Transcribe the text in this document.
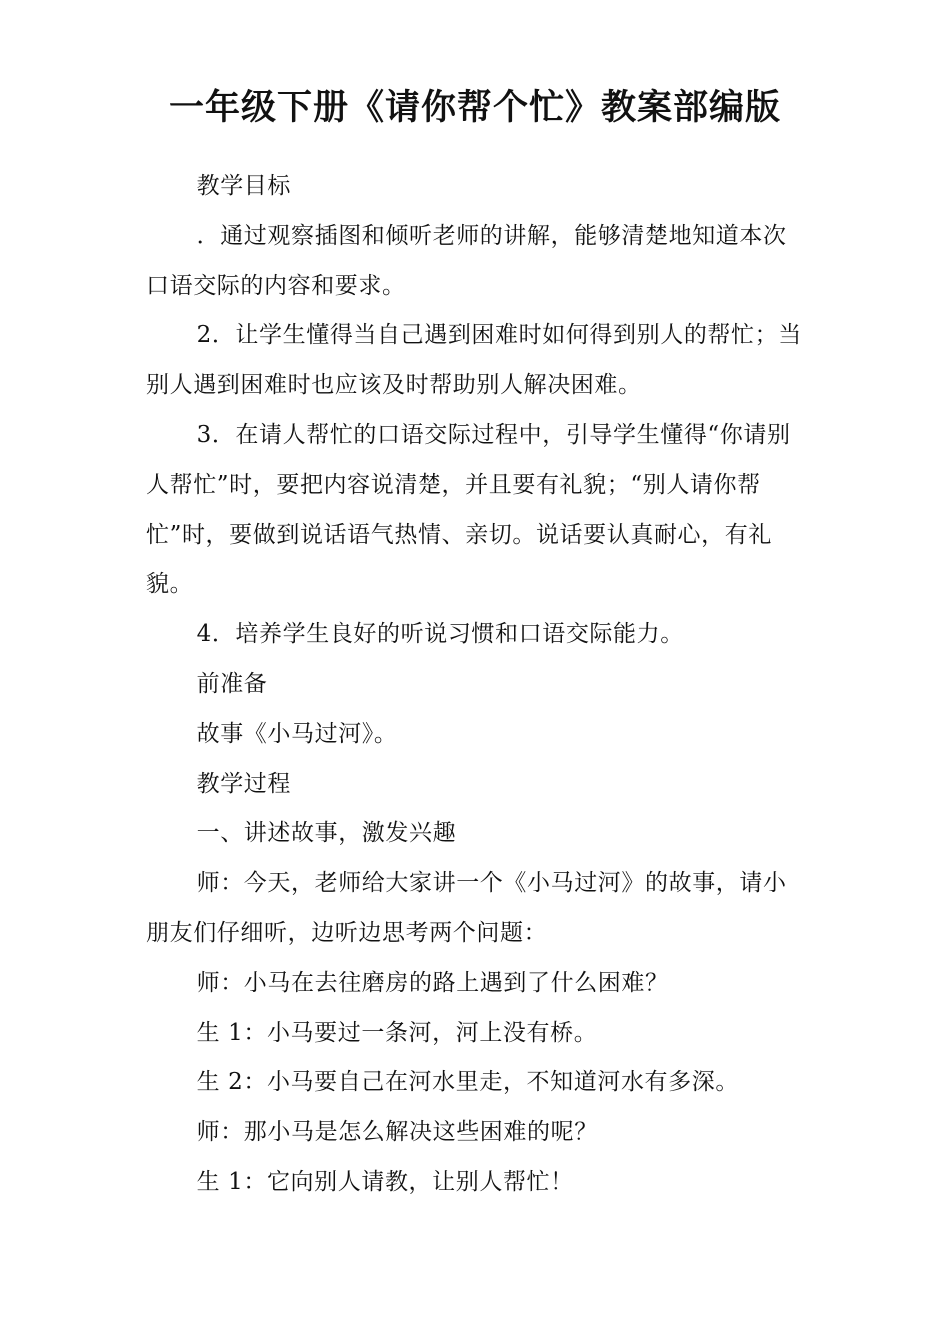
一年级下册《请你帮个忙》教案部编版

教学目标

．通过观察插图和倾听老师的讲解，能够清楚地知道本次口语交际的内容和要求。

2．让学生懂得当自己遇到困难时如何得到别人的帮忙；当别人遇到困难时也应该及时帮助别人解决困难。

3．在请人帮忙的口语交际过程中，引导学生懂得“你请别人帮忙”时，要把内容说清楚，并且要有礼貌；“别人请你帮忙”时，要做到说话语气热情、亲切。说话要认真耐心，有礼貌。

4．培养学生良好的听说习惯和口语交际能力。

前准备

故事《小马过河》。

教学过程

一、讲述故事，激发兴趣

师：今天，老师给大家讲一个《小马过河》的故事，请小朋友们仔细听，边听边思考两个问题：

师：小马在去往磨房的路上遇到了什么困难？

生 1：小马要过一条河，河上没有桥。

生 2：小马要自己在河水里走，不知道河水有多深。

师：那小马是怎么解决这些困难的呢？

生 1：它向别人请教，让别人帮忙！
